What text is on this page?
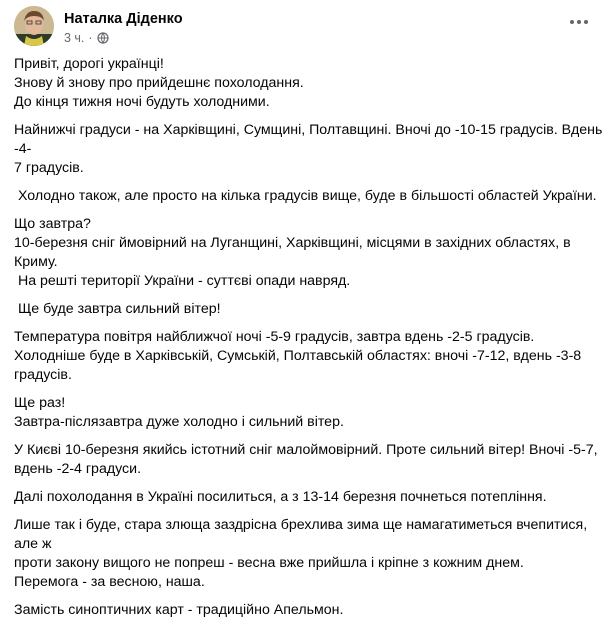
Наталка Діденко
3 ч. ·
Привіт, дорогі українці!
Знову й знову про прийдешнє похолодання.
До кінця тижня ночі будуть холодними.
Найнижчі градуси - на Харківщині, Сумщині, Полтавщині. Вночі до -10-15 градусів. Вдень -4-
7 градусів.
Холодно також, але просто на кілька градусів вище, буде в більшості областей України.
Що завтра?
10-березня сніг ймовірний на Луганщині, Харківщині, місцями в західних областях, в Криму.
На решті території України - суттєві опади навряд.
Ще буде завтра сильний вітер!
Температура повітря найближчої ночі -5-9 градусів, завтра вдень -2-5 градусів.
Холодніше буде в Харківській, Сумській, Полтавській областях: вночі -7-12, вдень -3-8
градусів.
Ще раз!
Завтра-післязавтра дуже холодно і сильний вітер.
У Києві 10-березня якийсь істотний сніг малоймовірний. Проте сильний вітер! Вночі -5-7,
вдень -2-4 градуси.
Далі похолодання в Україні посилиться, а з 13-14 березня почнеться потепління.
Лише так і буде, стара злюща заздрісна брехлива зима ще намагатиметься вчепитися, але ж
проти закону вищого не попреш - весна вже прийшла і кріпне з кожним днем.
Перемога - за весною, наша.
Замість синоптичних карт - традиційно Апельмон.
